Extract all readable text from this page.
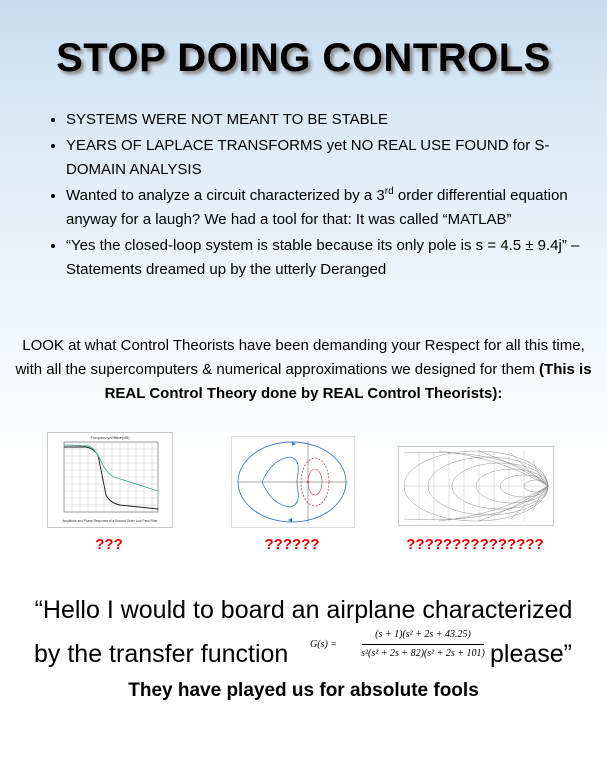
STOP DOING CONTROLS
• SYSTEMS WERE NOT MEANT TO BE STABLE
• YEARS OF LAPLACE TRANSFORMS yet NO REAL USE FOUND for S-DOMAIN ANALYSIS
• Wanted to analyze a circuit characterized by a 3rd order differential equation anyway for a laugh? We had a tool for that: It was called “MATLAB”
• “Yes the closed-loop system is stable because its only pole is s = 4.5 ± 9.4j” – Statements dreamed up by the utterly Deranged
LOOK at what Control Theorists have been demanding your Respect for all this time, with all the supercomputers & numerical approximations we designed for them (This is REAL Control Theory done by REAL Control Theorists):
Frequency/Offline(dB)
Amplitude and Phase Response of a Second Order Low Pass Filter
???	??????	???????????????
“Hello I would to board an airplane characterized
by the transfer function	please”
G(s) =
(s + 1)(s² + 2s + 43.25)
s²(s² + 2s + 82)(s² + 2s + 101)
They have played us for absolute fools
